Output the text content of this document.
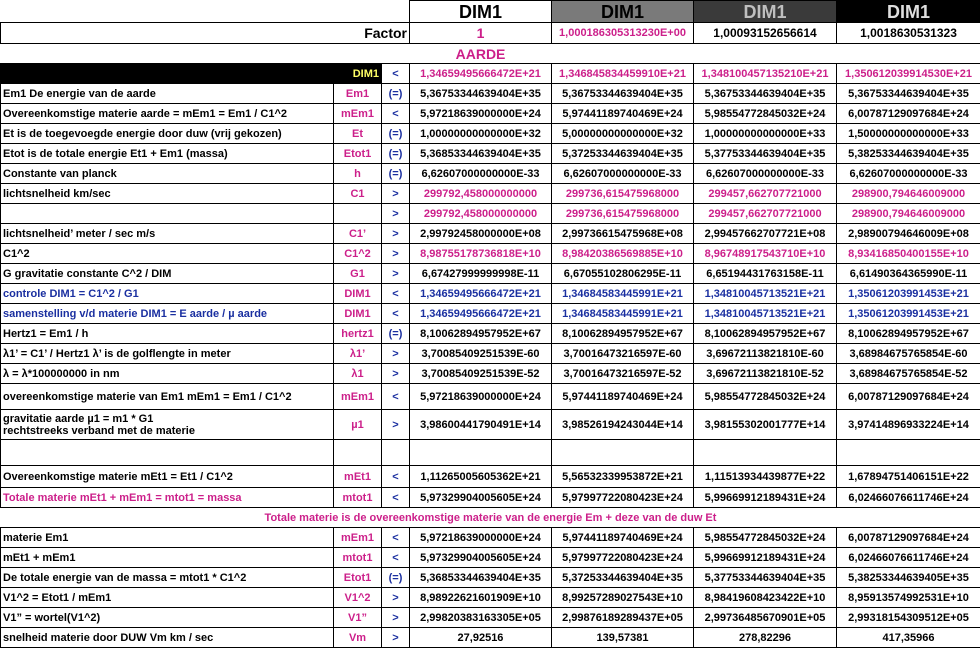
			DIM1	DIM1	DIM1	DIM1
Factor			1	1,000186305313230E+00	1,00093152656614	1,0018630531323
			AARDE			
DIM1		<	1,34659495666472E+21	1,346845834459910E+21	1,348100457135210E+21	1,350612039914530E+21
Em1 De energie van de aarde	Em1	(=)	5,36753344639404E+35	5,36753344639404E+35	5,36753344639404E+35	5,36753344639404E+35
Overeenkomstige materie aarde = mEm1 = Em1 / C1^2	mEm1	<	5,97218639000000E+24	5,97441189740469E+24	5,98554772845032E+24	6,00787129097684E+24
Et is de toegevoegde energie door duw (vrij gekozen)	Et	(=)	1,00000000000000E+32	5,00000000000000E+32	1,00000000000000E+33	1,50000000000000E+33
Etot is de totale energie Et1 + Em1 (massa)	Etot1	(=)	5,36853344639404E+35	5,37253344639404E+35	5,37753344639404E+35	5,38253344639404E+35
Constante van planck	h	(=)	6,62607000000000E-33	6,62607000000000E-33	6,62607000000000E-33	6,62607000000000E-33
lichtsnelheid km/sec	C1	>	299792,458000000000	299736,615475968000	299457,662707721000	298900,794646009000
		>	299792,458000000000	299736,615475968000	299457,662707721000	298900,794646009000
lichtsnelheid’ meter / sec m/s	C1’	>	2,99792458000000E+08	2,99736615475968E+08	2,99457662707721E+08	2,98900794646009E+08
C1^2	C1^2	>	8,98755178736818E+10	8,98420386569885E+10	8,96748917543710E+10	8,93416850400155E+10
G gravitatie constante C^2 / DIM	G1	>	6,67427999999998E-11	6,67055102806295E-11	6,65194431763158E-11	6,61490364365990E-11
controle DIM1 = C1^2 / G1	DIM1	<	1,34659495666472E+21	1,34684583445991E+21	1,34810045713521E+21	1,35061203991453E+21
samenstelling v/d materie DIM1 = E aarde / µ aarde	DIM1	<	1,34659495666472E+21	1,34684583445991E+21	1,34810045713521E+21	1,35061203991453E+21
Hertz1 = Em1 / h	hertz1	(=)	8,10062894957952E+67	8,10062894957952E+67	8,10062894957952E+67	8,10062894957952E+67
λ1’ = C1’ / Hertz1 λ’ is de golflengte in meter	λ1’	>	3,70085409251539E-60	3,70016473216597E-60	3,69672113821810E-60	3,68984675765854E-60
λ = λ*100000000 in nm	λ1	>	3,70085409251539E-52	3,70016473216597E-52	3,69672113821810E-52	3,68984675765854E-52
overeenkomstige materie van Em1 mEm1 = Em1 / C1^2	mEm1	<	5,97218639000000E+24	5,97441189740469E+24	5,98554772845032E+24	6,00787129097684E+24
gravitatie aarde µ1 = m1 * G1
rechtstreeks verband met de materie	µ1	>	3,98600441790491E+14	3,98526194243044E+14	3,98155302001777E+14	3,97414896933224E+14

Overeenkomstige materie mEt1 = Et1 / C1^2	mEt1	<	1,11265005605362E+21	5,56532339953872E+21	1,11513934439877E+22	1,67894751406151E+22
Totale materie mEt1 + mEm1 = mtot1 = massa	mtot1	<	5,97329904005605E+24	5,97997722080423E+24	5,99669912189431E+24	6,02466076611746E+24
Totale materie is de overeenkomstige materie van de energie Em + deze van de duw Et						
materie Em1	mEm1	<	5,97218639000000E+24	5,97441189740469E+24	5,98554772845032E+24	6,00787129097684E+24
mEt1 + mEm1	mtot1	<	5,97329904005605E+24	5,97997722080423E+24	5,99669912189431E+24	6,02466076611746E+24
De totale energie van de massa = mtot1 * C1^2	Etot1	(=)	5,36853344639404E+35	5,37253344639404E+35	5,37753344639404E+35	5,38253344639405E+35
V1^2 = Etot1 / mEm1	V1^2	>	8,98922621601909E+10	8,99257289027543E+10	8,98419608423422E+10	8,95913574992531E+10
V1” = wortel(V1^2)	V1”	>	2,99820383163305E+05	2,99876189289437E+05	2,99736485670901E+05	2,99318154309512E+05
snelheid materie door DUW Vm km / sec	Vm	>	27,92516	139,57381	278,82296	417,35966
